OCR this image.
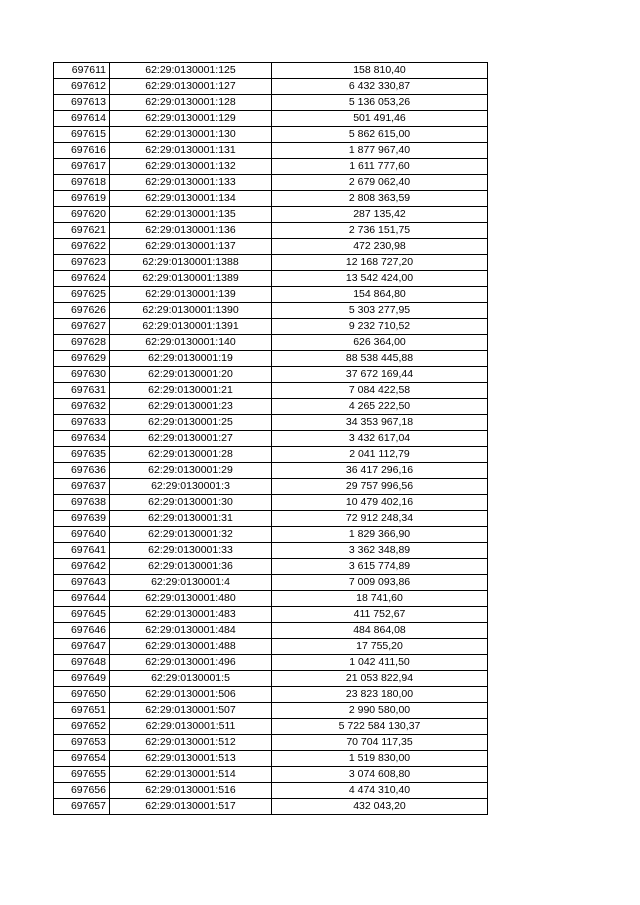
697611	62:29:0130001:125	158 810,40
697612	62:29:0130001:127	6 432 330,87
697613	62:29:0130001:128	5 136 053,26
697614	62:29:0130001:129	501 491,46
697615	62:29:0130001:130	5 862 615,00
697616	62:29:0130001:131	1 877 967,40
697617	62:29:0130001:132	1 611 777,60
697618	62:29:0130001:133	2 679 062,40
697619	62:29:0130001:134	2 808 363,59
697620	62:29:0130001:135	287 135,42
697621	62:29:0130001:136	2 736 151,75
697622	62:29:0130001:137	472 230,98
697623	62:29:0130001:1388	12 168 727,20
697624	62:29:0130001:1389	13 542 424,00
697625	62:29:0130001:139	154 864,80
697626	62:29:0130001:1390	5 303 277,95
697627	62:29:0130001:1391	9 232 710,52
697628	62:29:0130001:140	626 364,00
697629	62:29:0130001:19	88 538 445,88
697630	62:29:0130001:20	37 672 169,44
697631	62:29:0130001:21	7 084 422,58
697632	62:29:0130001:23	4 265 222,50
697633	62:29:0130001:25	34 353 967,18
697634	62:29:0130001:27	3 432 617,04
697635	62:29:0130001:28	2 041 112,79
697636	62:29:0130001:29	36 417 296,16
697637	62:29:0130001:3	29 757 996,56
697638	62:29:0130001:30	10 479 402,16
697639	62:29:0130001:31	72 912 248,34
697640	62:29:0130001:32	1 829 366,90
697641	62:29:0130001:33	3 362 348,89
697642	62:29:0130001:36	3 615 774,89
697643	62:29:0130001:4	7 009 093,86
697644	62:29:0130001:480	18 741,60
697645	62:29:0130001:483	411 752,67
697646	62:29:0130001:484	484 864,08
697647	62:29:0130001:488	17 755,20
697648	62:29:0130001:496	1 042 411,50
697649	62:29:0130001:5	21 053 822,94
697650	62:29:0130001:506	23 823 180,00
697651	62:29:0130001:507	2 990 580,00
697652	62:29:0130001:511	5 722 584 130,37
697653	62:29:0130001:512	70 704 117,35
697654	62:29:0130001:513	1 519 830,00
697655	62:29:0130001:514	3 074 608,80
697656	62:29:0130001:516	4 474 310,40
697657	62:29:0130001:517	432 043,20
